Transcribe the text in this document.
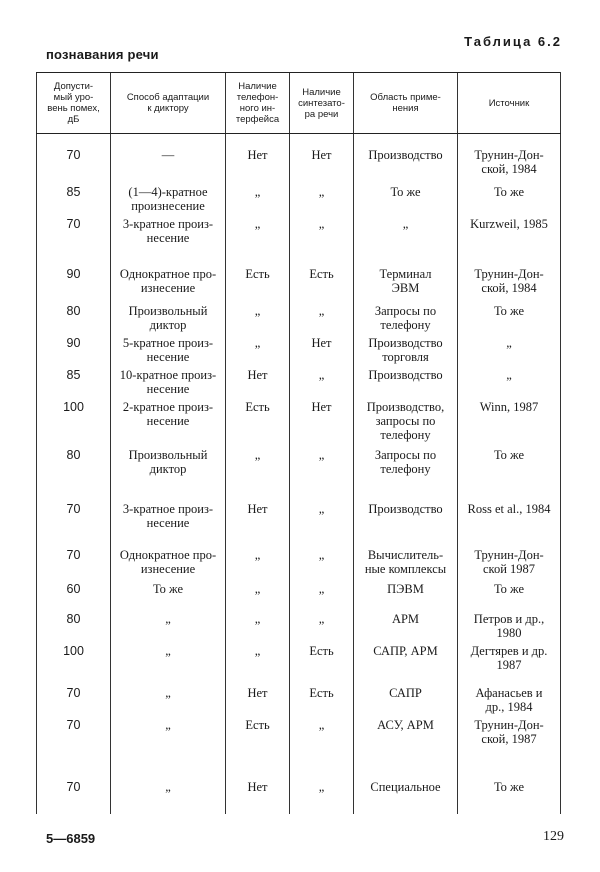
познавания речи
Таблица 6.2
Допусти-
мый уро-
вень помех,
дБ	Способ адаптации
к диктору	Наличие
телефон-
ного ин-
терфейса	Наличие
синтезато-
ра речи	Область приме-
нения	Источник

70	—	Нет	Нет	Производство	Трунин-Дон-
ской, 1984
85	(1—4)-кратное
произнесение	„	„	То же	То же
70	3-кратное произ-
несение	„	„	„	Kurzweil, 1985
90	Однократное про-
изнесение	Есть	Есть	Терминал
ЭВМ	Трунин-Дон-
ской, 1984
80	Произвольный
диктор	„	„	Запросы по
телефону	То же
90	5-кратное произ-
несение	„	Нет	Производство
торговля	„
85	10-кратное произ-
несение	Нет	„	Производство	„
100	2-кратное произ-
несение	Есть	Нет	Производство,
запросы по
телефону	Winn, 1987
80	Произвольный
диктор	„	„	Запросы по
телефону	То же
70	3-кратное произ-
несение	Нет	„	Производство	Ross et al., 1984
70	Однократное про-
изнесение	„	„	Вычислитель-
ные комплексы	Трунин-Дон-
ской 1987
60	То же	„	„	ПЭВМ	То же
80	„	„	„	АРМ	Петров и др.,
1980
100	„	„	Есть	САПР, АРМ	Дегтярев и др.
1987
70	„	Нет	Есть	САПР	Афанасьев и
др., 1984
70	„	Есть	„	АСУ, АРМ	Трунин-Дон-
ской, 1987
70	„	Нет	„	Специальное	То же
5—6859	129
